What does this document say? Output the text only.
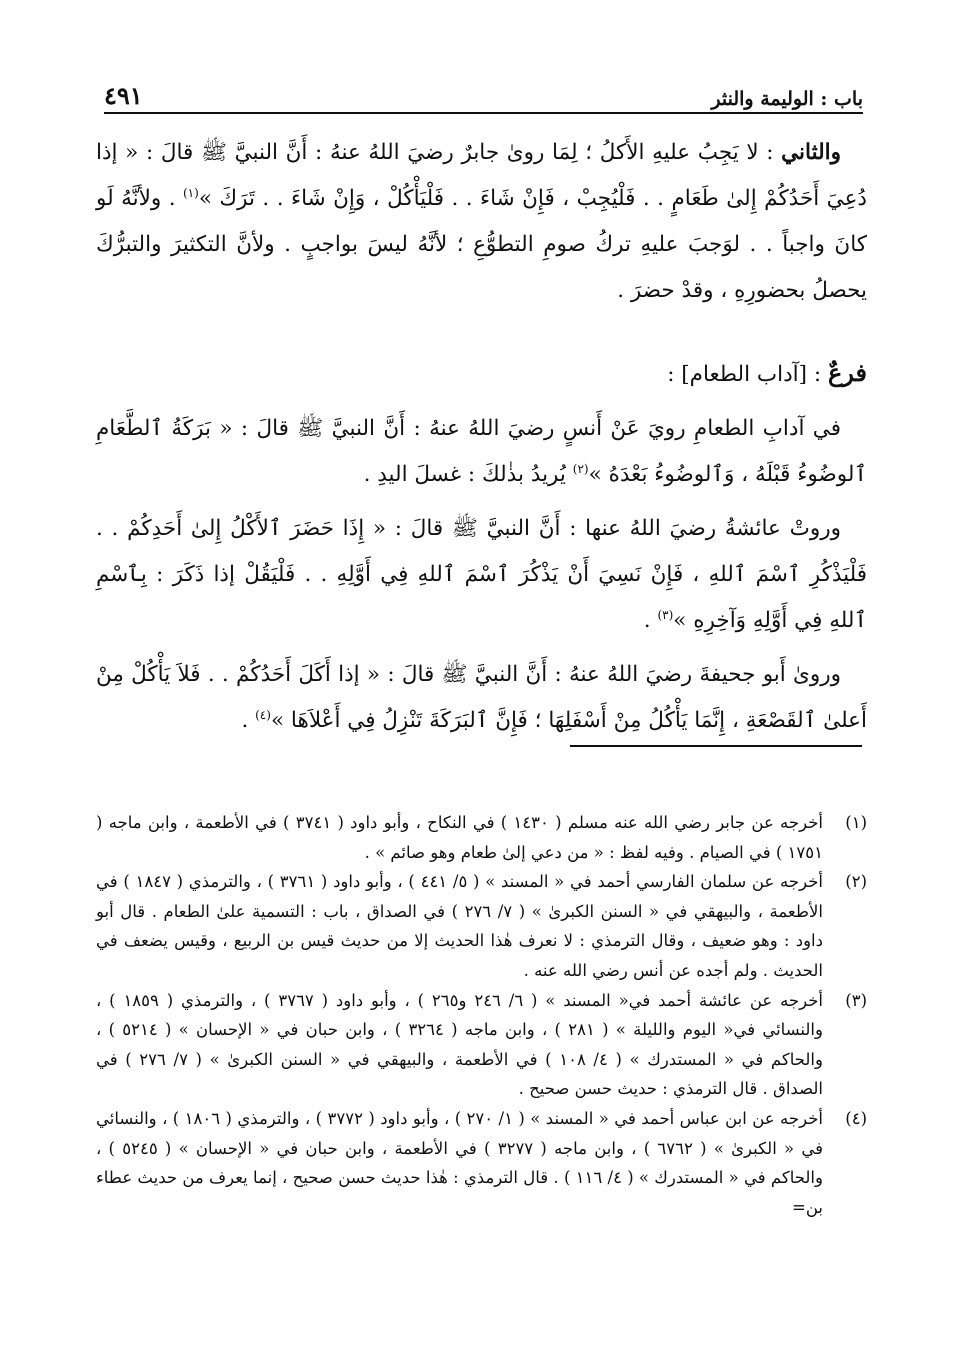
باب : الوليمة والنثر
٤٩١

والثاني : لا يَجِبُ عليهِ الأَكلُ ؛ لِمَا روىٰ جابرٌ رضيَ اللهُ عنهُ : أَنَّ النبيَّ ﷺ قالَ : « إذا دُعِيَ أَحَدُكُمْ إِلىٰ طَعَامٍ . . فَلْيُجِبْ ، فَإِنْ شَاءَ . . فَلْيَأْكُلْ ، وَإِنْ شَاءَ . . تَرَكَ »$^{(١)}$ . ولأنَّهُ لَو كانَ واجباً . . لوَجبَ عليهِ تركُ صومِ التطوُّعِ ؛ لأنَّهُ ليسَ بواجبٍ . ولأنَّ التكثيرَ والتبرُّكَ يحصلُ بحضورِهِ ، وقدْ حضرَ .

فرعٌ : [آداب الطعام] :

في آدابِ الطعامِ رويَ عَنْ أَنسٍ رضيَ اللهُ عنهُ : أَنَّ النبيَّ ﷺ قالَ : « بَرَكَةُ ٱلطَّعَامِ ٱلوضُوءُ قَبْلَهُ ، وَٱلوضُوءُ بَعْدَهُ »$^{(٢)}$ يُريدُ بذٰلكَ : غسلَ اليدِ .

وروتْ عائشةُ رضيَ اللهُ عنها : أَنَّ النبيَّ ﷺ قالَ : « إِذَا حَضَرَ ٱلأَكْلُ إِلىٰ أَحَدِكُمْ . . فَلْيَذْكُرِ ٱسْمَ ٱللهِ ، فَإِنْ نَسِيَ أَنْ يَذْكُرَ ٱسْمَ ٱللهِ فِي أَوَّلِهِ . . فَلْيَقُلْ إذا ذَكَرَ : بِٱسْمِ ٱللهِ فِي أَوَّلِهِ وَآخِرِهِ »$^{(٣)}$ .

وروىٰ أَبو جحيفةَ رضيَ اللهُ عنهُ : أَنَّ النبيَّ ﷺ قالَ : « إذا أَكَلَ أَحَدُكُمْ . . فَلاَ يَأْكُلْ مِنْ أَعلىٰ ٱلقَصْعَةِ ، إِنَّمَا يَأْكُلُ مِنْ أَسْفَلِهَا ؛ فَإِنَّ ٱلبَرَكَةَ تَنْزِلُ فِي أَعْلاَهَا »$^{(٤)}$ .

(١)
أخرجه عن جابر رضي الله عنه مسلم ( ١٤٣٠ ) في النكاح ، وأبو داود ( ٣٧٤١ ) في الأطعمة ، وابن ماجه ( ١٧٥١ ) في الصيام . وفيه لفظ : « من دعي إلىٰ طعام وهو صائم » .
(٢)
أخرجه عن سلمان الفارسي أحمد في « المسند » ( ٥/ ٤٤١ ) ، وأبو داود ( ٣٧٦١ ) ، والترمذي ( ١٨٤٧ ) في الأطعمة ، والبيهقي في « السنن الكبرىٰ » ( ٧/ ٢٧٦ ) في الصداق ، باب : التسمية علىٰ الطعام . قال أبو داود : وهو ضعيف ، وقال الترمذي : لا نعرف هٰذا الحديث إلا من حديث قيس بن الربيع ، وقيس يضعف في الحديث . ولم أجده عن أنس رضي الله عنه .
(٣)
أخرجه عن عائشة أحمد في« المسند » ( ٦/ ٢٤٦ و٢٦٥ ) ، وأبو داود ( ٣٧٦٧ ) ، والترمذي ( ١٨٥٩ ) ، والنسائي في« اليوم والليلة » ( ٢٨١ ) ، وابن ماجه ( ٣٢٦٤ ) ، وابن حبان في « الإحسان » ( ٥٢١٤ ) ، والحاكم في « المستدرك » ( ٤/ ١٠٨ ) في الأطعمة ، والبيهقي في « السنن الكبرىٰ » ( ٧/ ٢٧٦ ) في الصداق . قال الترمذي : حديث حسن صحيح .
(٤)
أخرجه عن ابن عباس أحمد في « المسند » ( ١/ ٢٧٠ ) ، وأبو داود ( ٣٧٧٢ ) ، والترمذي ( ١٨٠٦ ) ، والنسائي في « الكبرىٰ » ( ٦٧٦٢ ) ، وابن ماجه ( ٣٢٧٧ ) في الأطعمة ، وابن حبان في « الإحسان » ( ٥٢٤٥ ) ، والحاكم في « المستدرك » ( ٤/ ١١٦ ) . قال الترمذي : هٰذا حديث حسن صحيح ، إنما يعرف من حديث عطاء بن=
